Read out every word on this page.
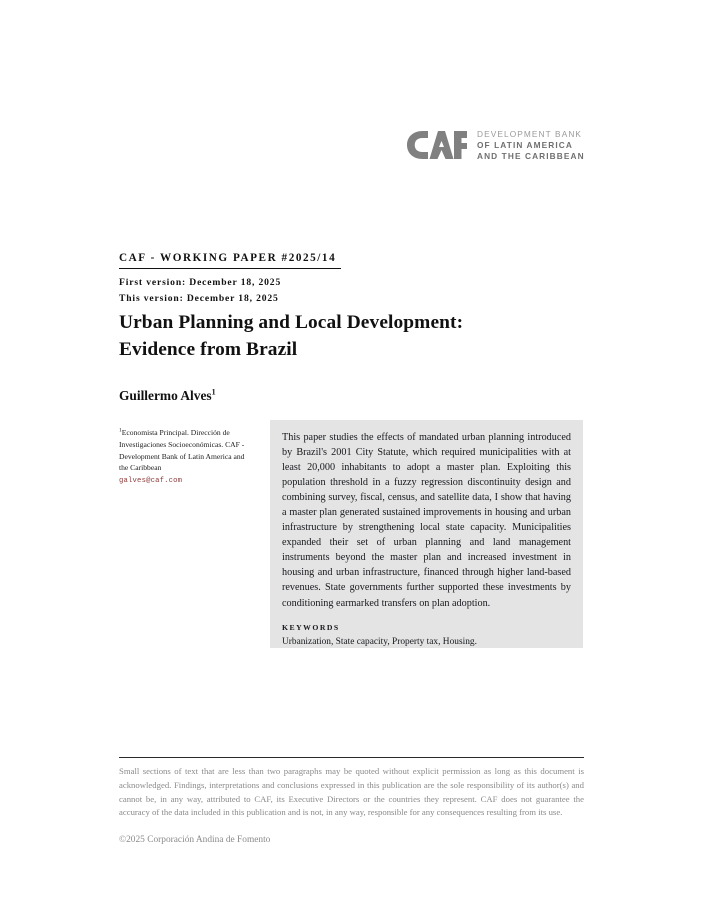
DEVELOPMENT BANK
OF LATIN AMERICA
AND THE CARIBBEAN
CAF - WORKING PAPER #2025/14
First version: December 18, 2025
This version: December 18, 2025
Urban Planning and Local Development:
Evidence from Brazil
Guillermo Alves$^1$
$^1$Economista Principal. Dirección de Investigaciones Socioeconómicas. CAF - Development Bank of Latin America and the Caribbean
galves@caf.com
This paper studies the effects of mandated urban planning introduced by Brazil's 2001 City Statute, which required municipalities with at least 20,000 inhabitants to adopt a master plan. Exploiting this population threshold in a fuzzy regression discontinuity design and combining survey, fiscal, census, and satellite data, I show that having a master plan generated sustained improvements in housing and urban infrastructure by strengthening local state capacity. Municipalities expanded their set of urban planning and land management instruments beyond the master plan and increased investment in housing and urban infrastructure, financed through higher land-based revenues. State governments further supported these investments by conditioning earmarked transfers on plan adoption.
KEYWORDS
Urbanization, State capacity, Property tax, Housing.
Small sections of text that are less than two paragraphs may be quoted without explicit permission as long as this document is acknowledged. Findings, interpretations and conclusions expressed in this publication are the sole responsibility of its author(s) and cannot be, in any way, attributed to CAF, its Executive Directors or the countries they represent. CAF does not guarantee the accuracy of the data included in this publication and is not, in any way, responsible for any consequences resulting from its use.
©2025 Corporación Andina de Fomento
